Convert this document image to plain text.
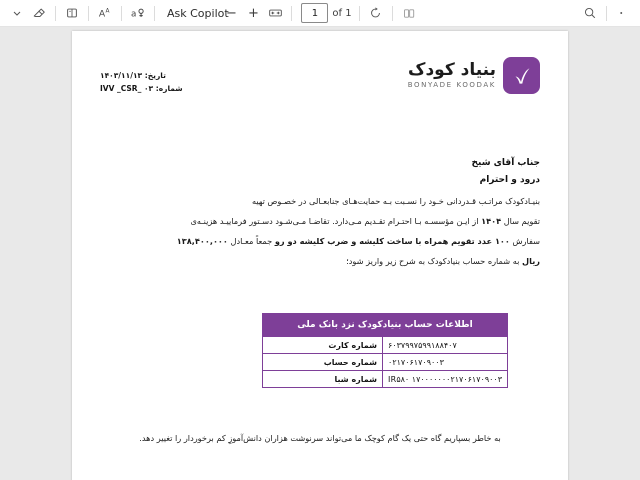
A A a	Ask Copilot
− +	1	of 1
بنیاد کودک
BONYADE KOODAK
تاریخ: ۱۴۰۳/۱۱/۱۳
شماره: IVV _CSR_ ۰۳
جناب آقای شیخ
درود و احترام

بنیـادکودک مراتـب قـدردانی خـود را نسـبت بـه حمایت‌هـای جنابعـالی در خصـوص تهیه

تقویم سال ۱۴۰۴ از ایـن مؤسسـه بـا احتـرام تقـدیم مـی‌دارد. تقاضـا مـی‌شـود دسـتور فرماییـد هزینـه‌ی

سفارش ۱۰۰ عدد تقویم همراه با ساخت کلیشه و ضرب کلیشه دو رو جمعاً معـادل ۱۳۸,۴۰۰,۰۰۰

ریال به شماره حساب بنیادکودک به شرح زیر واریز شود؛

اطلاعات حساب بنیادکودک نزد بانک ملی	
۶۰۳۷۹۹۷۵۹۹۱۸۸۴۰۷	شماره کارت
۰۲۱۷۰۶۱۷۰۹۰۰۳	شماره حساب
IR۵۸۰ ۱۷۰۰۰۰۰۰۰۲۱۷۰۶۱۷۰۹۰۰۳	شماره شبا
به خاطر بسپاریم گاه حتی یک گام کوچک ما می‌تواند سرنوشت هزاران دانش‌آموزِ کم برخوردار را تغییر دهد.
